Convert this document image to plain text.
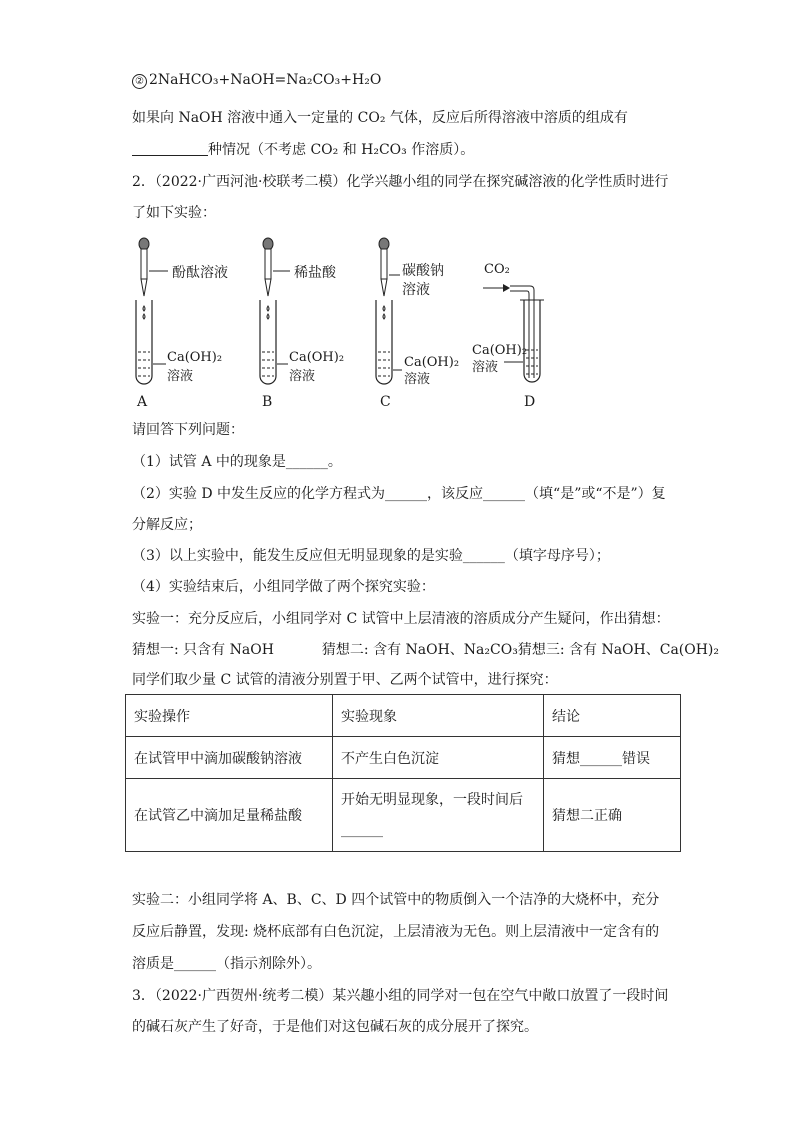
② 2NaHCO₃+NaOH=Na₂CO₃+H₂O
如果向 NaOH 溶液中通入一定量的 CO₂ 气体，反应后所得溶液中溶质的组成有
种情况（不考虑 CO₂ 和 H₂CO₃ 作溶质）。
2．（2022·广西河池·校联考二模）化学兴趣小组的同学在探究碱溶液的化学性质时进行
了如下实验：
酚酞溶液
Ca(OH)₂
溶液
A
稀盐酸
Ca(OH)₂
溶液
B
碳酸钠
溶液
Ca(OH)₂
溶液
C
CO₂
Ca(OH)₂
溶液
D
请回答下列问题：
（1）试管 A 中的现象是______。
（2）实验 D 中发生反应的化学方程式为______，该反应______（填“是”或“不是”）复
分解反应；
（3）以上实验中，能发生反应但无明显现象的是实验______（填字母序号）；
（4）实验结束后，小组同学做了两个探究实验：
实验一：充分反应后，小组同学对 C 试管中上层清液的溶质成分产生疑问，作出猜想：
猜想一: 只含有 NaOH	猜想二: 含有 NaOH、Na₂CO₃猜想三: 含有 NaOH、Ca(OH)₂
同学们取少量 C 试管的清液分别置于甲、乙两个试管中，进行探究：
实验操作	实验现象	结论
在试管甲中滴加碳酸钠溶液	不产生白色沉淀	猜想______错误
在试管乙中滴加足量稀盐酸	开始无明显现象，一段时间后
______	猜想二正确
实验二：小组同学将 A、B、C、D 四个试管中的物质倒入一个洁净的大烧杯中，充分
反应后静置，发现: 烧杯底部有白色沉淀，上层清液为无色。则上层清液中一定含有的
溶质是______（指示剂除外）。
3．（2022·广西贺州·统考二模）某兴趣小组的同学对一包在空气中敞口放置了一段时间
的碱石灰产生了好奇，于是他们对这包碱石灰的成分展开了探究。
